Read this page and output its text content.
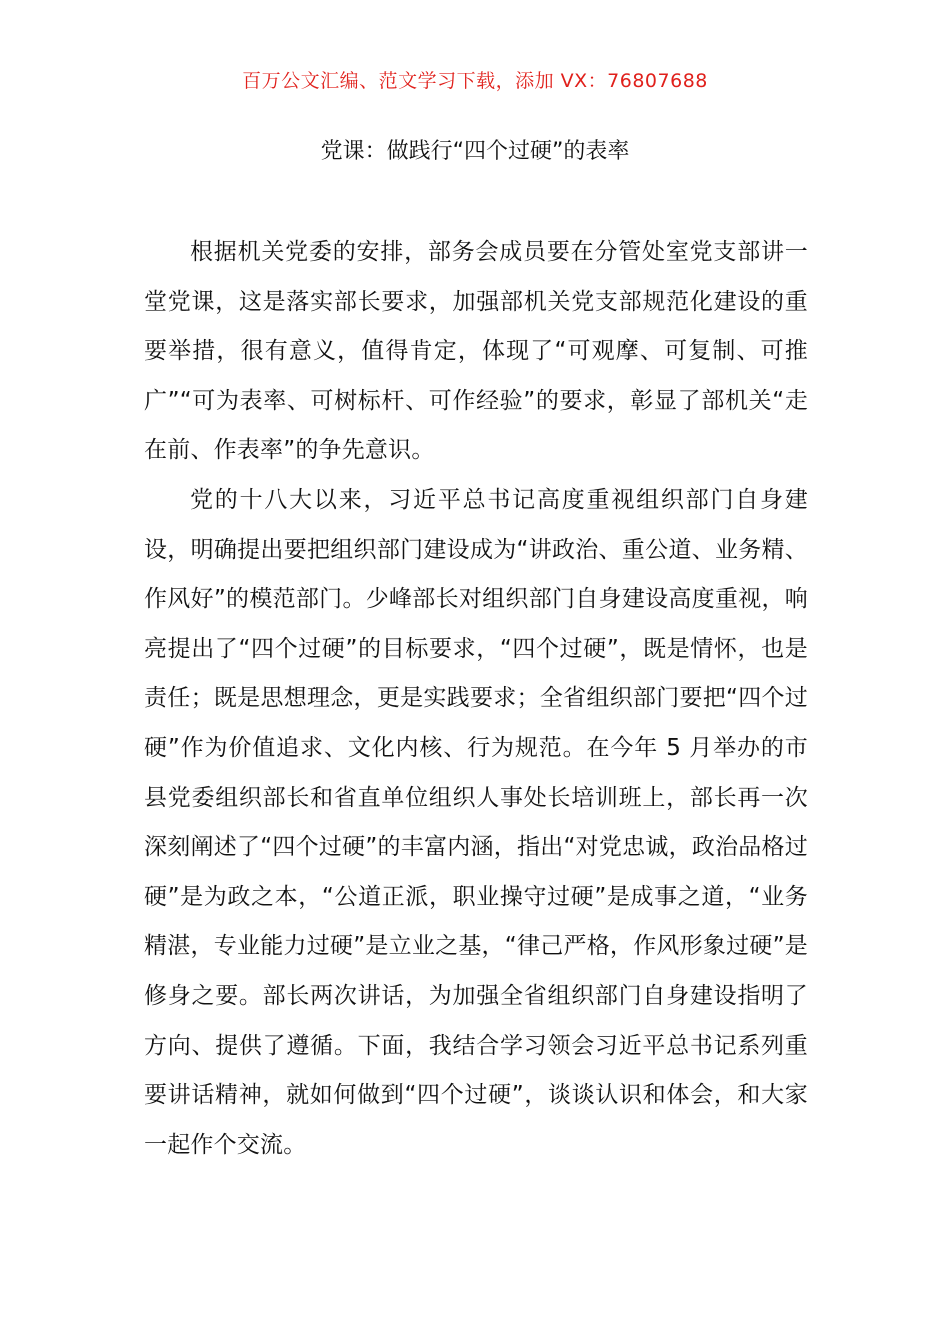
百万公文汇编、范文学习下载，添加 VX：76807688
党课：做践行“四个过硬”的表率

根据机关党委的安排，部务会成员要在分管处室党支部讲一堂党课，这是落实部长要求，加强部机关党支部规范化建设的重要举措，很有意义，值得肯定，体现了“可观摩、可复制、可推广”“可为表率、可树标杆、可作经验”的要求，彰显了部机关“走在前、作表率”的争先意识。

党的十八大以来，习近平总书记高度重视组织部门自身建设，明确提出要把组织部门建设成为“讲政治、重公道、业务精、作风好”的模范部门。少峰部长对组织部门自身建设高度重视，响亮提出了“四个过硬”的目标要求，“四个过硬”，既是情怀，也是责任；既是思想理念，更是实践要求；全省组织部门要把“四个过硬”作为价值追求、文化内核、行为规范。在今年 5 月举办的市县党委组织部长和省直单位组织人事处长培训班上，部长再一次深刻阐述了“四个过硬”的丰富内涵，指出“对党忠诚，政治品格过硬”是为政之本，“公道正派，职业操守过硬”是成事之道，“业务精湛，专业能力过硬”是立业之基，“律己严格，作风形象过硬”是修身之要。部长两次讲话，为加强全省组织部门自身建设指明了方向、提供了遵循。下面，我结合学习领会习近平总书记系列重要讲话精神，就如何做到“四个过硬”，谈谈认识和体会，和大家一起作个交流。
